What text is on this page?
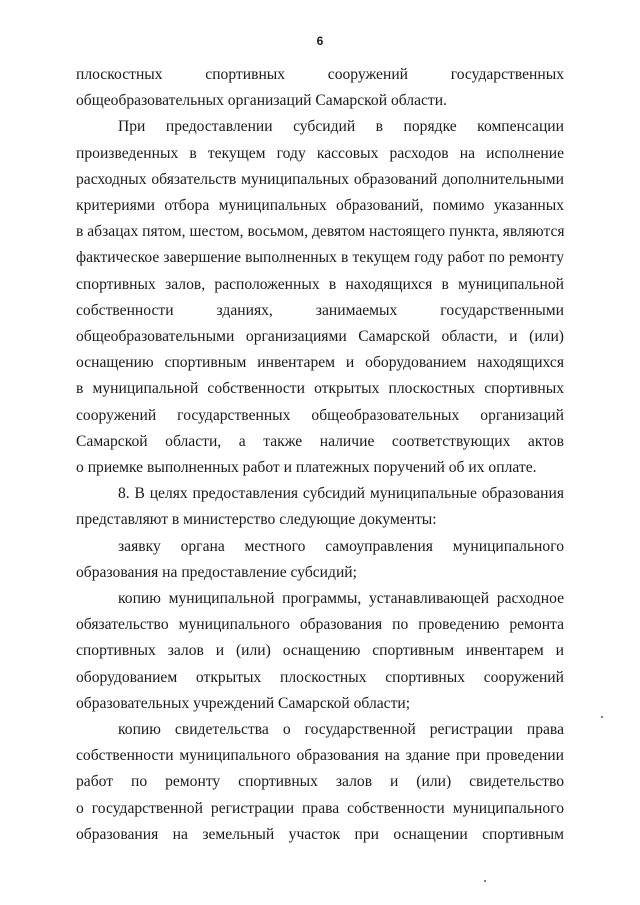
6
плоскостных спортивных сооружений государственных
общеобразовательных организаций Самарской области.
При предоставлении субсидий в порядке компенсации
произведенных в текущем году кассовых расходов на исполнение
расходных обязательств муниципальных образований дополнительными
критериями отбора муниципальных образований, помимо указанных
в абзацах пятом, шестом, восьмом, девятом настоящего пункта, являются
фактическое завершение выполненных в текущем году работ по ремонту
спортивных залов, расположенных в находящихся в муниципальной
собственности зданиях, занимаемых государственными
общеобразовательными организациями Самарской области, и (или)
оснащению спортивным инвентарем и оборудованием находящихся
в муниципальной собственности открытых плоскостных спортивных
сооружений государственных общеобразовательных организаций
Самарской области, а также наличие соответствующих актов
о приемке выполненных работ и платежных поручений об их оплате.
8. В целях предоставления субсидий муниципальные образования
представляют в министерство следующие документы:
заявку органа местного самоуправления муниципального
образования на предоставление субсидий;
копию муниципальной программы, устанавливающей расходное
обязательство муниципального образования по проведению ремонта
спортивных залов и (или) оснащению спортивным инвентарем и
оборудованием открытых плоскостных спортивных сооружений
образовательных учреждений Самарской области;
копию свидетельства о государственной регистрации права
собственности муниципального образования на здание при проведении
работ по ремонту спортивных залов и (или) свидетельство
о государственной регистрации права собственности муниципального
образования на земельный участок при оснащении спортивным
